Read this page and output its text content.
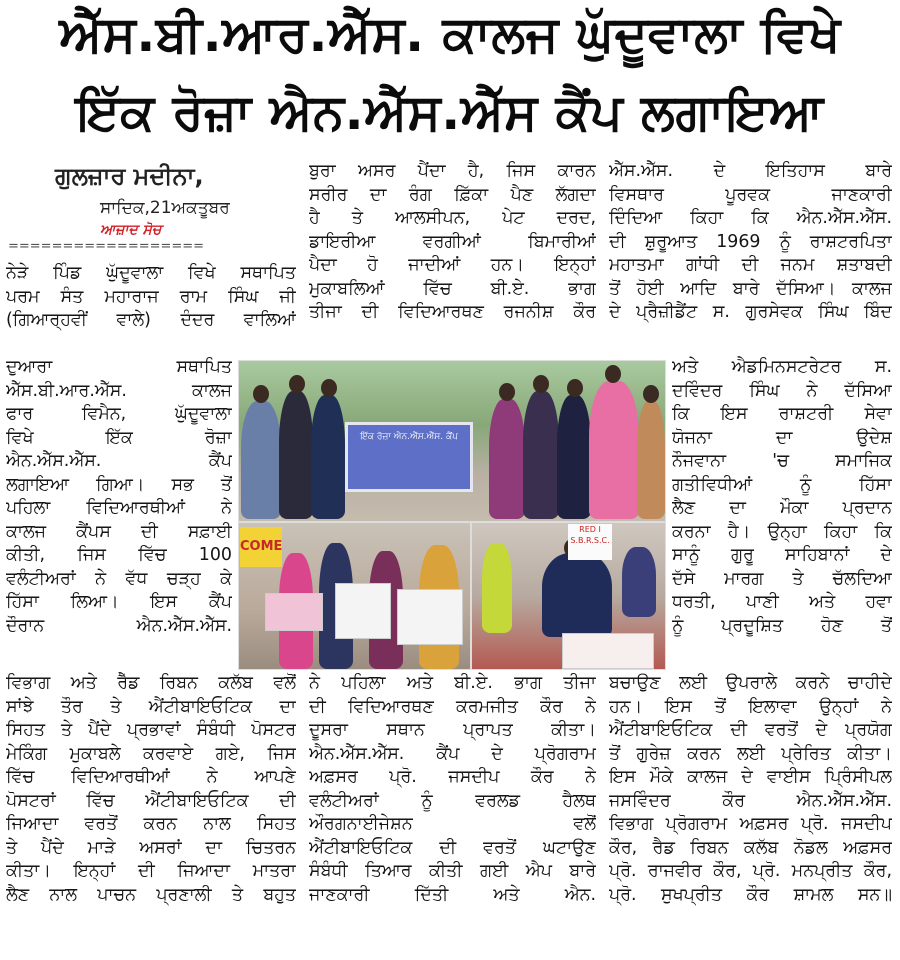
ਐੱਸ.ਬੀ.ਆਰ.ਐੱਸ. ਕਾਲਜ ਘੁੱਦੂਵਾਲਾ ਵਿਖੇ
ਇੱਕ ਰੋਜ਼ਾ ਐਨ.ਐੱਸ.ਐੱਸ ਕੈਂਪ ਲਗਾਇਆ
ਗੁਲਜ਼ਾਰ ਮਦੀਨਾ,
ਸਾਦਿਕ,21ਅਕਤੂਬਰ
ਆਜ਼ਾਦ ਸੋਚ
==================
ਨੇੜੇ ਪਿੰਡ ਘੁੱਦੂਵਾਲਾ ਵਿਖੇ ਸਥਾਪਿਤ
ਪਰਮ ਸੰਤ ਮਹਾਰਾਜ ਰਾਮ ਸਿੰਘ ਜੀ
(ਗਿਆਰ੍ਹਵੀਂ ਵਾਲੇ) ਦੰਦਰ ਵਾਲਿਆਂ
ਦੁਆਰਾ ਸਥਾਪਿਤ
ਐੱਸ.ਬੀ.ਆਰ.ਐੱਸ. ਕਾਲਜ
ਫਾਰ ਵਿਮੈਨ, ਘੁੱਦੂਵਾਲਾ
ਵਿਖੇ ਇੱਕ ਰੋਜ਼ਾ
ਐਨ.ਐੱਸ.ਐੱਸ. ਕੈਂਪ
ਲਗਾਇਆ ਗਿਆ। ਸਭ ਤੋਂ
ਪਹਿਲਾ ਵਿਦਿਆਰਥੀਆਂ ਨੇ
ਕਾਲਜ ਕੈਂਪਸ ਦੀ ਸਫ਼ਾਈ
ਕੀਤੀ, ਜਿਸ ਵਿੱਚ 100
ਵਲੰਟੀਅਰਾਂ ਨੇ ਵੱਧ ਚੜ੍ਹ ਕੇ
ਹਿੱਸਾ ਲਿਆ। ਇਸ ਕੈਂਪ
ਦੌਰਾਨ ਐਨ.ਐੱਸ.ਐੱਸ.
ਵਿਭਾਗ ਅਤੇ ਰੈੱਡ ਰਿਬਨ ਕਲੱਬ ਵਲੋਂ
ਸਾਂਝੇ ਤੌਰ ਤੇ ਐਂਟੀਬਾਇਓਟਿਕ ਦਾ
ਸਿਹਤ ਤੇ ਪੈਂਦੇ ਪ੍ਰਭਾਵਾਂ ਸੰਬੰਧੀ ਪੋਸਟਰ
ਮੇਕਿੰਗ ਮੁਕਾਬਲੇ ਕਰਵਾਏ ਗਏ, ਜਿਸ
ਵਿੱਚ ਵਿਦਿਆਰਥੀਆਂ ਨੇ ਆਪਣੇ
ਪੋਸਟਰਾਂ ਵਿੱਚ ਐਂਟੀਬਾਇਓਟਿਕ ਦੀ
ਜਿਆਦਾ ਵਰਤੋਂ ਕਰਨ ਨਾਲ ਸਿਹਤ
ਤੇ ਪੈਂਦੇ ਮਾੜੇ ਅਸਰਾਂ ਦਾ ਚਿਤਰਨ
ਕੀਤਾ। ਇਨ੍ਹਾਂ ਦੀ ਜਿਆਦਾ ਮਾਤਰਾ
ਲੈਣ ਨਾਲ ਪਾਚਨ ਪ੍ਰਣਾਲੀ ਤੇ ਬਹੁਤ
ਬੁਰਾ ਅਸਰ ਪੈਂਦਾ ਹੈ, ਜਿਸ ਕਾਰਨ
ਸਰੀਰ ਦਾ ਰੰਗ ਫ਼ਿੱਕਾ ਪੈਣ ਲੱਗਦਾ
ਹੈ ਤੇ ਆਲਸੀਪਨ, ਪੇਟ ਦਰਦ,
ਡਾਇਰੀਆ ਵਰਗੀਆਂ ਬਿਮਾਰੀਆਂ
ਪੈਦਾ ਹੋ ਜਾਦੀਆਂ ਹਨ। ਇਨ੍ਹਾਂ
ਮੁਕਾਬਲਿਆਂ ਵਿੱਚ ਬੀ.ਏ. ਭਾਗ
ਤੀਜਾ ਦੀ ਵਿਦਿਆਰਥਣ ਰਜਨੀਸ਼ ਕੌਰ
ਨੇ ਪਹਿਲਾ ਅਤੇ ਬੀ.ਏ. ਭਾਗ ਤੀਜਾ
ਦੀ ਵਿਦਿਆਰਥਣ ਕਰਮਜੀਤ ਕੌਰ ਨੇ
ਦੂਸਰਾ ਸਥਾਨ ਪ੍ਰਾਪਤ ਕੀਤਾ।
ਐਨ.ਐੱਸ.ਐੱਸ. ਕੈਂਪ ਦੇ ਪ੍ਰੋਗਰਾਮ
ਅਫ਼ਸਰ ਪ੍ਰੋ. ਜਸਦੀਪ ਕੌਰ ਨੇ
ਵਲੰਟੀਅਰਾਂ ਨੂੰ ਵਰਲਡ ਹੈਲਥ
ਔਰਗਨਾਈਜੇਸ਼ਨ ਵਲੋਂ
ਐਂਟੀਬਾਇਓਟਿਕ ਦੀ ਵਰਤੋਂ ਘਟਾਉਣ
ਸੰਬੰਧੀ ਤਿਆਰ ਕੀਤੀ ਗਈ ਐਪ ਬਾਰੇ
ਜਾਣਕਾਰੀ ਦਿੱਤੀ ਅਤੇ ਐਨ.
ਐੱਸ.ਐੱਸ. ਦੇ ਇਤਿਹਾਸ ਬਾਰੇ
ਵਿਸਥਾਰ ਪੂਰਵਕ ਜਾਣਕਾਰੀ
ਦਿੰਦਿਆ ਕਿਹਾ ਕਿ ਐਨ.ਐੱਸ.ਐੱਸ.
ਦੀ ਸ਼ੁਰੂਆਤ 1969 ਨੂੰ ਰਾਸ਼ਟਰਪਿਤਾ
ਮਹਾਤਮਾ ਗਾਂਧੀ ਦੀ ਜਨਮ ਸ਼ਤਾਬਦੀ
ਤੋਂ ਹੋਈ ਆਦਿ ਬਾਰੇ ਦੱਸਿਆ। ਕਾਲਜ
ਦੇ ਪ੍ਰੈਜ਼ੀਡੈਂਟ ਸ. ਗੁਰਸੇਵਕ ਸਿੰਘ ਬਿੰਦ
ਅਤੇ ਐਡਮਿਨਸਟਰੇਟਰ ਸ.
ਦਵਿੰਦਰ ਸਿੰਘ ਨੇ ਦੱਸਿਆ
ਕਿ ਇਸ ਰਾਸ਼ਟਰੀ ਸੇਵਾ
ਯੋਜਨਾ ਦਾ ਉਦੇਸ਼
ਨੌਜਵਾਨਾ 'ਚ ਸਮਾਜਿਕ
ਗਤੀਵਿਧੀਆਂ ਨੂੰ ਹਿੱਸਾ
ਲੈਣ ਦਾ ਮੌਕਾ ਪ੍ਰਦਾਨ
ਕਰਨਾ ਹੈ। ਉਨ੍ਹਾ ਕਿਹਾ ਕਿ
ਸਾਨੂੰ ਗੁਰੂ ਸਾਹਿਬਾਨਾਂ ਦੇ
ਦੱਸੇ ਮਾਰਗ ਤੇ ਚੱਲਦਿਆ
ਧਰਤੀ, ਪਾਣੀ ਅਤੇ ਹਵਾ
ਨੂੰ ਪ੍ਰਦੂਸ਼ਿਤ ਹੋਣ ਤੋਂ
ਬਚਾਉਣ ਲਈ ਉਪਰਾਲੇ ਕਰਨੇ ਚਾਹੀਦੇ
ਹਨ। ਇਸ ਤੋਂ ਇਲਾਵਾ ਉਨ੍ਹਾਂ ਨੇ
ਐਂਟੀਬਾਇਓਟਿਕ ਦੀ ਵਰਤੋਂ ਦੇ ਪ੍ਰਯੋਗ
ਤੋਂ ਗੁਰੇਜ਼ ਕਰਨ ਲਈ ਪ੍ਰੇਰਿਤ ਕੀਤਾ।
ਇਸ ਮੌਕੇ ਕਾਲਜ ਦੇ ਵਾਈਸ ਪ੍ਰਿੰਸੀਪਲ
ਜਸਵਿੰਦਰ ਕੌਰ ਐਨ.ਐੱਸ.ਐੱਸ.
ਵਿਭਾਗ ਪ੍ਰੋਗਰਾਮ ਅਫ਼ਸਰ ਪ੍ਰੋ. ਜਸਦੀਪ
ਕੌਰ, ਰੈਡ ਰਿਬਨ ਕਲੱਬ ਨੋਡਲ ਅਫ਼ਸਰ
ਪ੍ਰੋ. ਰਾਜਵੀਰ ਕੌਰ, ਪ੍ਰੋ. ਮਨਪ੍ਰੀਤ ਕੌਰ,
ਪ੍ਰੋ. ਸੁਖਪ੍ਰੀਤ ਕੌਰ ਸ਼ਾਮਲ ਸਨ॥
ਇੱਕ ਰੋਜ਼ਾ ਐਨ.ਐੱਸ.ਐੱਸ. ਕੈਂਪ
COME
RED I S.B.R.S.C.
